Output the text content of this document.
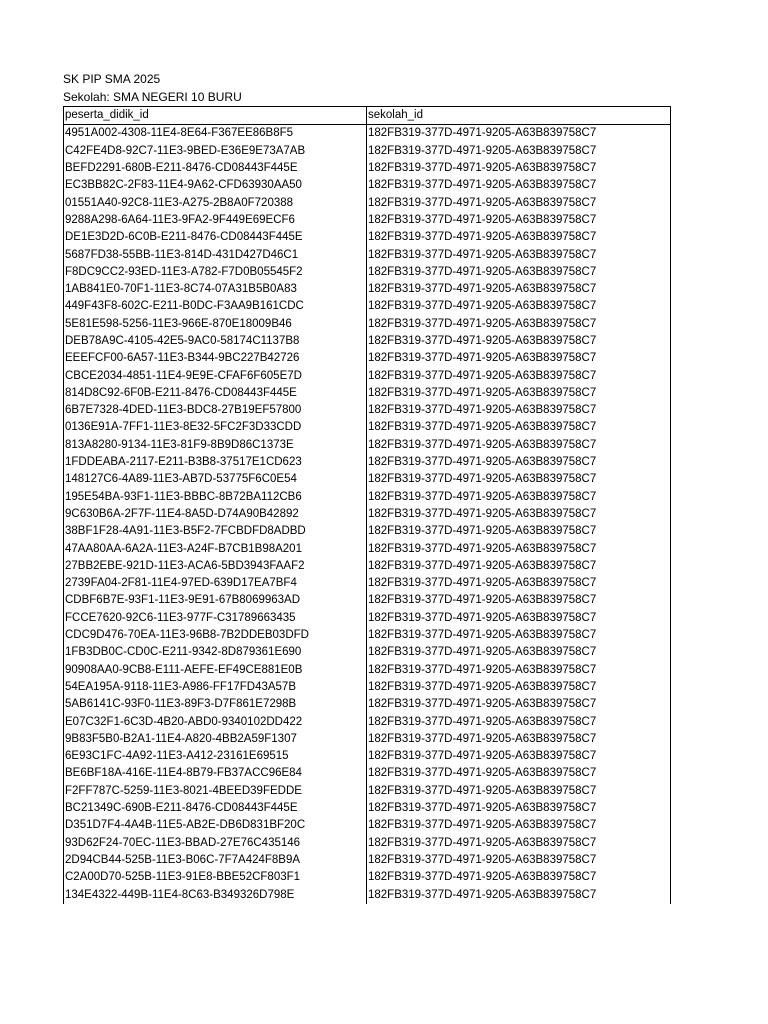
SK PIP SMA 2025
Sekolah: SMA NEGERI 10 BURU
peserta_didik_id	sekolah_id
4951A002-4308-11E4-8E64-F367EE86B8F5	182FB319-377D-4971-9205-A63B839758C7
C42FE4D8-92C7-11E3-9BED-E36E9E73A7AB	182FB319-377D-4971-9205-A63B839758C7
BEFD2291-680B-E211-8476-CD08443F445E	182FB319-377D-4971-9205-A63B839758C7
EC3BB82C-2F83-11E4-9A62-CFD63930AA50	182FB319-377D-4971-9205-A63B839758C7
01551A40-92C8-11E3-A275-2B8A0F720388	182FB319-377D-4971-9205-A63B839758C7
9288A298-6A64-11E3-9FA2-9F449E69ECF6	182FB319-377D-4971-9205-A63B839758C7
DE1E3D2D-6C0B-E211-8476-CD08443F445E	182FB319-377D-4971-9205-A63B839758C7
5687FD38-55BB-11E3-814D-431D427D46C1	182FB319-377D-4971-9205-A63B839758C7
F8DC9CC2-93ED-11E3-A782-F7D0B05545F2	182FB319-377D-4971-9205-A63B839758C7
1AB841E0-70F1-11E3-8C74-07A31B5B0A83	182FB319-377D-4971-9205-A63B839758C7
449F43F8-602C-E211-B0DC-F3AA9B161CDC	182FB319-377D-4971-9205-A63B839758C7
5E81E598-5256-11E3-966E-870E18009B46	182FB319-377D-4971-9205-A63B839758C7
DEB78A9C-4105-42E5-9AC0-58174C1137B8	182FB319-377D-4971-9205-A63B839758C7
EEEFCF00-6A57-11E3-B344-9BC227B42726	182FB319-377D-4971-9205-A63B839758C7
CBCE2034-4851-11E4-9E9E-CFAF6F605E7D	182FB319-377D-4971-9205-A63B839758C7
814D8C92-6F0B-E211-8476-CD08443F445E	182FB319-377D-4971-9205-A63B839758C7
6B7E7328-4DED-11E3-BDC8-27B19EF57800	182FB319-377D-4971-9205-A63B839758C7
0136E91A-7FF1-11E3-8E32-5FC2F3D33CDD	182FB319-377D-4971-9205-A63B839758C7
813A8280-9134-11E3-81F9-8B9D86C1373E	182FB319-377D-4971-9205-A63B839758C7
1FDDEABA-2117-E211-B3B8-37517E1CD623	182FB319-377D-4971-9205-A63B839758C7
148127C6-4A89-11E3-AB7D-53775F6C0E54	182FB319-377D-4971-9205-A63B839758C7
195E54BA-93F1-11E3-BBBC-8B72BA112CB6	182FB319-377D-4971-9205-A63B839758C7
9C630B6A-2F7F-11E4-8A5D-D74A90B42892	182FB319-377D-4971-9205-A63B839758C7
38BF1F28-4A91-11E3-B5F2-7FCBDFD8ADBD	182FB319-377D-4971-9205-A63B839758C7
47AA80AA-6A2A-11E3-A24F-B7CB1B98A201	182FB319-377D-4971-9205-A63B839758C7
27BB2EBE-921D-11E3-ACA6-5BD3943FAAF2	182FB319-377D-4971-9205-A63B839758C7
2739FA04-2F81-11E4-97ED-639D17EA7BF4	182FB319-377D-4971-9205-A63B839758C7
CDBF6B7E-93F1-11E3-9E91-67B8069963AD	182FB319-377D-4971-9205-A63B839758C7
FCCE7620-92C6-11E3-977F-C31789663435	182FB319-377D-4971-9205-A63B839758C7
CDC9D476-70EA-11E3-96B8-7B2DDEB03DFD	182FB319-377D-4971-9205-A63B839758C7
1FB3DB0C-CD0C-E211-9342-8D879361E690	182FB319-377D-4971-9205-A63B839758C7
90908AA0-9CB8-E111-AEFE-EF49CE881E0B	182FB319-377D-4971-9205-A63B839758C7
54EA195A-9118-11E3-A986-FF17FD43A57B	182FB319-377D-4971-9205-A63B839758C7
5AB6141C-93F0-11E3-89F3-D7F861E7298B	182FB319-377D-4971-9205-A63B839758C7
E07C32F1-6C3D-4B20-ABD0-9340102DD422	182FB319-377D-4971-9205-A63B839758C7
9B83F5B0-B2A1-11E4-A820-4BB2A59F1307	182FB319-377D-4971-9205-A63B839758C7
6E93C1FC-4A92-11E3-A412-23161E69515	182FB319-377D-4971-9205-A63B839758C7
BE6BF18A-416E-11E4-8B79-FB37ACC96E84	182FB319-377D-4971-9205-A63B839758C7
F2FF787C-5259-11E3-8021-4BEED39FEDDE	182FB319-377D-4971-9205-A63B839758C7
BC21349C-690B-E211-8476-CD08443F445E	182FB319-377D-4971-9205-A63B839758C7
D351D7F4-4A4B-11E5-AB2E-DB6D831BF20C	182FB319-377D-4971-9205-A63B839758C7
93D62F24-70EC-11E3-BBAD-27E76C435146	182FB319-377D-4971-9205-A63B839758C7
2D94CB44-525B-11E3-B06C-7F7A424F8B9A	182FB319-377D-4971-9205-A63B839758C7
C2A00D70-525B-11E3-91E8-BBE52CF803F1	182FB319-377D-4971-9205-A63B839758C7
134E4322-449B-11E4-8C63-B349326D798E	182FB319-377D-4971-9205-A63B839758C7
